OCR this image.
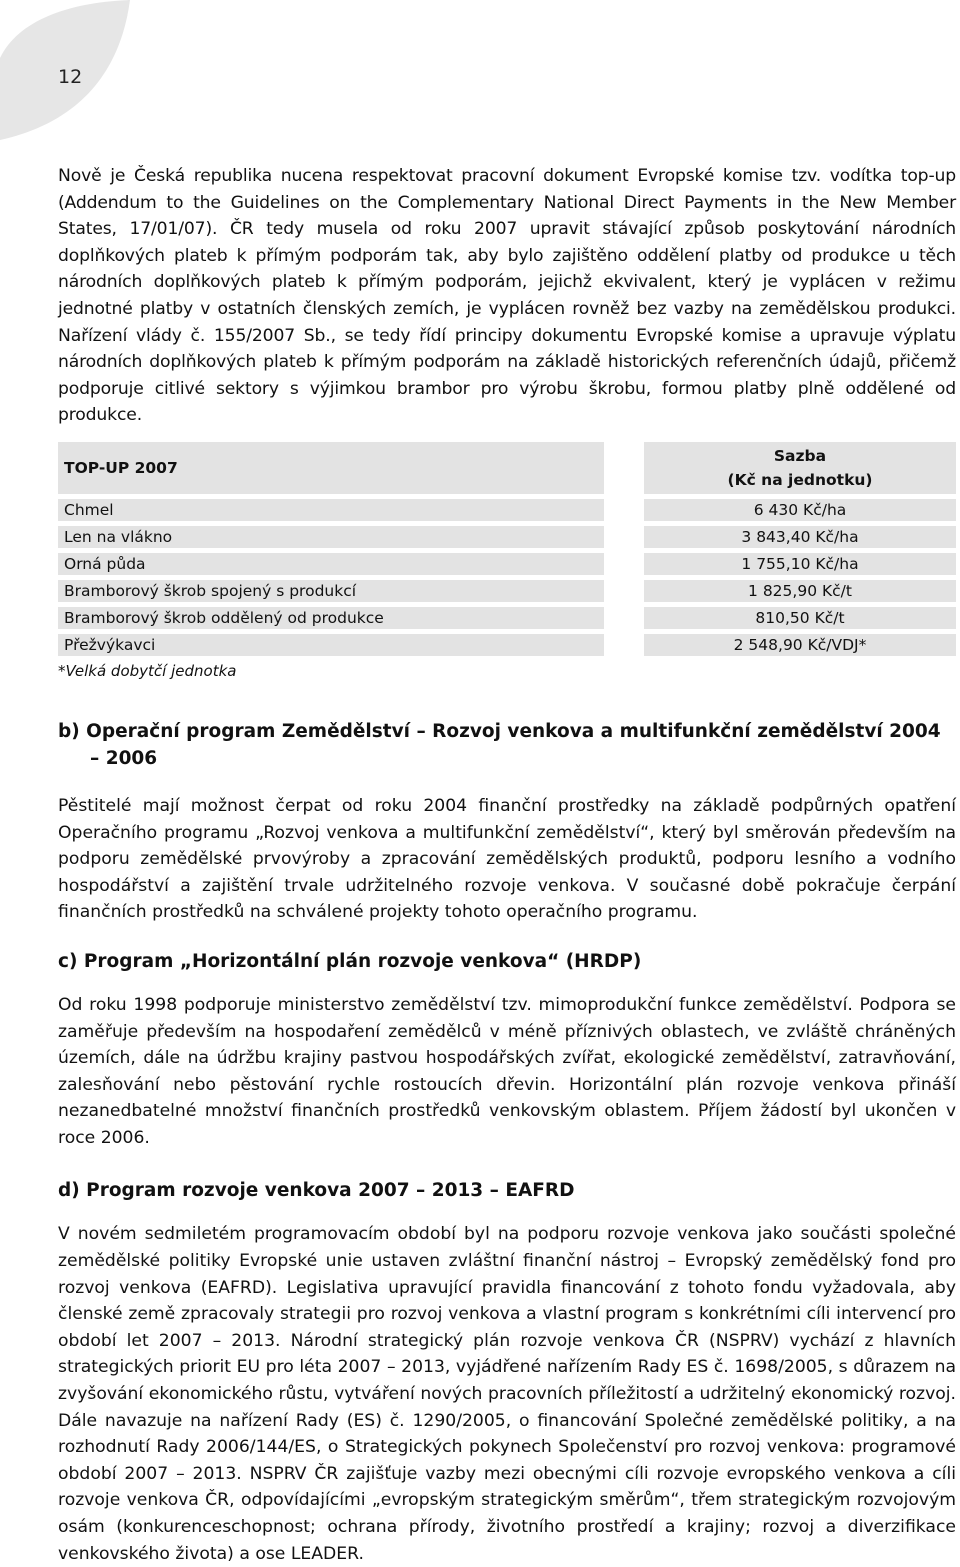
12

Nově je Česká republika nucena respektovat pracovní dokument Evropské komise tzv. vodítka top-up (Addendum to the Guidelines on the Complementary National Direct Payments in the New Member States, 17/01/07). ČR tedy musela od roku 2007 upravit stávající způsob poskytování národních doplňkových plateb k přímým podporám tak, aby bylo zajištěno oddělení platby od produkce u těch národních doplňkových plateb k přímým podporám, jejichž ekvivalent, který je vyplácen v režimu jednotné platby v ostatních členských zemích, je vyplácen rovněž bez vazby na zemědělskou produkci. Nařízení vlády č. 155/2007 Sb., se tedy řídí principy dokumentu Evropské komise a upravuje výplatu národních doplňkových plateb k přímým podporám na základě historických referenčních údajů, přičemž podporuje citlivé sektory s výjimkou brambor pro výrobu škrobu, formou platby plně oddělené od produkce.

TOP-UP 2007		Sazba
(Kč na jednotku)
Chmel		6 430 Kč/ha
Len na vlákno		3 843,40 Kč/ha
Orná půda		1 755,10 Kč/ha
Bramborový škrob spojený s produkcí		1 825,90 Kč/t
Bramborový škrob oddělený od produkce		810,50 Kč/t
Přežvýkavci		2 548,90 Kč/VDJ*
*Velká dobytčí jednotka
b) Operační program Zemědělství – Rozvoj venkova a multifunkční zemědělství 2004 – 2006

Pěstitelé mají možnost čerpat od roku 2004 finanční prostředky na základě podpůrných opatření Operačního programu „Rozvoj venkova a multifunkční zemědělství“, který byl směrován především na podporu zemědělské prvovýroby a zpracování zemědělských produktů, podporu lesního a vodního hospodářství a zajištění trvale udržitelného rozvoje venkova. V současné době pokračuje čerpání finančních prostředků na schválené projekty tohoto operačního programu.

c) Program „Horizontální plán rozvoje venkova“ (HRDP)

Od roku 1998 podporuje ministerstvo zemědělství tzv. mimoprodukční funkce zemědělství. Podpora se zaměřuje především na hospodaření zemědělců v méně příznivých oblastech, ve zvláště chráněných územích, dále na údržbu krajiny pastvou hospodářských zvířat, ekologické zemědělství, zatravňování, zalesňování nebo pěstování rychle rostoucích dřevin. Horizontální plán rozvoje venkova přináší nezanedbatelné množství finančních prostředků venkovským oblastem. Příjem žádostí byl ukončen v roce 2006.

d) Program rozvoje venkova 2007 – 2013 – EAFRD

V novém sedmiletém programovacím období byl na podporu rozvoje venkova jako součásti společné zemědělské politiky Evropské unie ustaven zvláštní finanční nástroj – Evropský zemědělský fond pro rozvoj venkova (EAFRD). Legislativa upravující pravidla financování z tohoto fondu vyžadovala, aby členské země zpracovaly strategii pro rozvoj venkova a vlastní program s konkrétními cíli intervencí pro období let 2007 – 2013. Národní strategický plán rozvoje venkova ČR (NSPRV) vychází z hlavních strategických priorit EU pro léta 2007 – 2013, vyjádřené nařízením Rady ES č. 1698/2005, s důrazem na zvyšování ekonomického růstu, vytváření nových pracovních příležitostí a udržitelný ekonomický rozvoj. Dále navazuje na nařízení Rady (ES) č. 1290/2005, o financování Společné zemědělské politiky, a na rozhodnutí Rady 2006/144/ES, o Strategických pokynech Společenství pro rozvoj venkova: programové období 2007 – 2013. NSPRV ČR zajišťuje vazby mezi obecnými cíli rozvoje evropského venkova a cíli rozvoje venkova ČR, odpovídajícími „evropským strategickým směrům“, třem strategickým rozvojovým osám (konkurenceschopnost; ochrana přírody, životního prostředí a krajiny; rozvoj a diverzifikace venkovského života) a ose LEADER.
